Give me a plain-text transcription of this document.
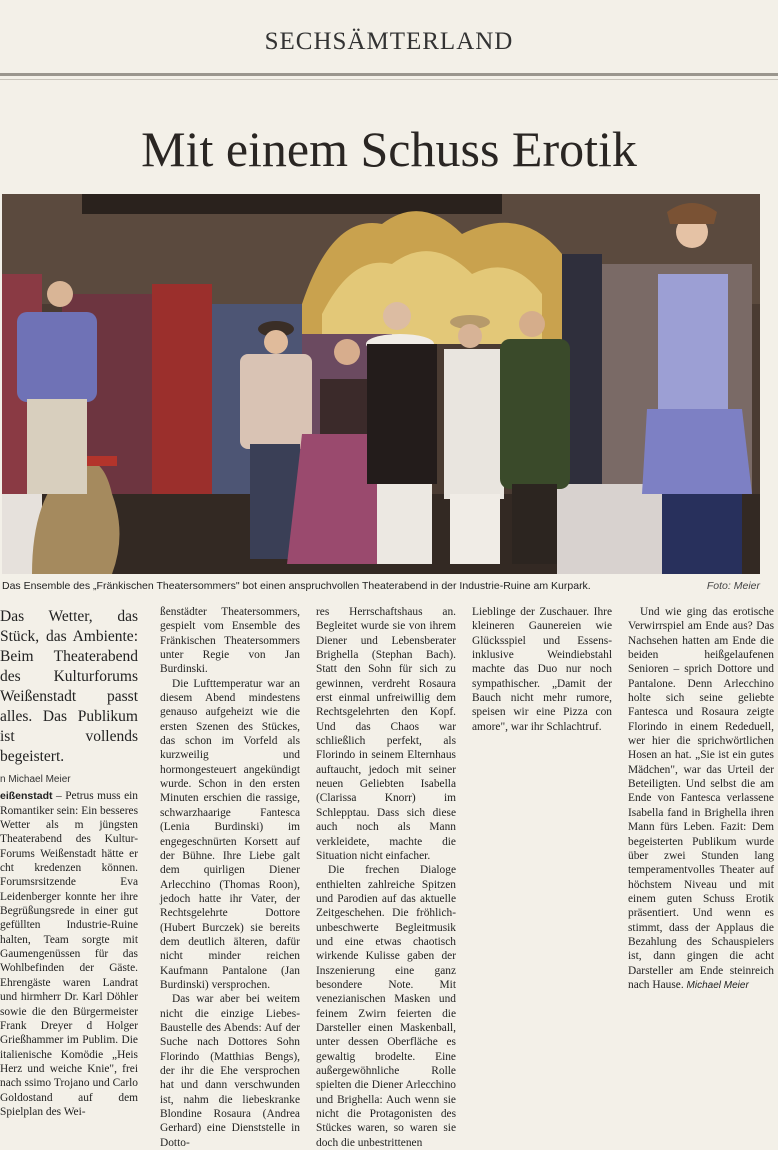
SECHSÄMTERLAND
Mit einem Schuss Erotik
Das Ensemble des „Fränkischen Theatersommers" bot einen anspruchvollen Theaterabend in der Industrie-Ruine am Kurpark.	Foto: Meier
Das Wetter, das Stück, das Ambiente: Beim Theaterabend des Kulturforums Weißenstadt passt alles. Das Publikum ist vollends begeistert.
n Michael Meier

eißenstadt – Petrus muss ein Romantiker sein: Ein besseres Wetter als m jüngsten Theaterabend des Kultur-Forums Weißenstadt hätte er cht kredenzen können. Forumsrsitzende Eva Leidenberger konnte her ihre Begrüßungsrede in einer gut gefüllten Industrie-Ruine halten, Team sorgte mit Gaumengenüssen für das Wohlbefinden der Gäste. Ehrengäste waren Landrat und hirmherr Dr. Karl Döhler sowie die den Bürgermeister Frank Dreyer d Holger Grießhammer im Publim. Die italienische Komödie „Heis Herz und weiche Knie", frei nach ssimo Trojano und Carlo Goldostand auf dem Spielplan des Wei-

ßenstädter Theatersommers, gespielt vom Ensemble des Fränkischen Theatersommers unter Regie von Jan Burdinski.

Die Lufttemperatur war an diesem Abend mindestens genauso aufgeheizt wie die ersten Szenen des Stückes, das schon im Vorfeld als kurzweilig und hormongesteuert angekündigt wurde. Schon in den ersten Minuten erschien die rassige, schwarzhaarige Fantesca (Lenia Burdinski) im engegeschnürten Korsett auf der Bühne. Ihre Liebe galt dem quirligen Diener Arlecchino (Thomas Roon), jedoch hatte ihr Vater, der Rechtsgelehrte Dottore (Hubert Burczek) sie bereits dem deutlich älteren, dafür nicht minder reichen Kaufmann Pantalone (Jan Burdinski) versprochen.

Das war aber bei weitem nicht die einzige Liebes-Baustelle des Abends: Auf der Suche nach Dottores Sohn Florindo (Matthias Bengs), der ihr die Ehe versprochen hat und dann verschwunden ist, nahm die liebeskranke Blondine Rosaura (Andrea Gerhard) eine Dienststelle in Dotto-

res Herrschaftshaus an. Begleitet wurde sie von ihrem Diener und Lebensberater Brighella (Stephan Bach). Statt den Sohn für sich zu gewinnen, verdreht Rosaura erst einmal unfreiwillig dem Rechtsgelehrten den Kopf. Und das Chaos war schließlich perfekt, als Florindo in seinem Elternhaus auftaucht, jedoch mit seiner neuen Geliebten Isabella (Clarissa Knorr) im Schlepptau. Dass sich diese auch noch als Mann verkleidete, machte die Situation nicht einfacher.

Die frechen Dialoge enthielten zahlreiche Spitzen und Parodien auf das aktuelle Zeitgeschehen. Die fröhlich-unbeschwerte Begleitmusik und eine etwas chaotisch wirkende Kulisse gaben der Inszenierung eine ganz besondere Note. Mit venezianischen Masken und feinem Zwirn feierten die Darsteller einen Maskenball, unter dessen Oberfläche es gewaltig brodelte. Eine außergewöhnliche Rolle spielten die Diener Arlecchino und Brighella: Auch wenn sie nicht die Protagonisten des Stückes waren, so waren sie doch die unbestrittenen

Lieblinge der Zuschauer. Ihre kleineren Gaunereien wie Glücksspiel und Essens- inklusive Weindiebstahl machte das Duo nur noch sympathischer. „Damit der Bauch nicht mehr rumore, speisen wir eine Pizza con amore", war ihr Schlachtruf.

Und wie ging das erotische Verwirrspiel am Ende aus? Das Nachsehen hatten am Ende die beiden heißgelaufenen Senioren – sprich Dottore und Pantalone. Denn Arlecchino holte sich seine geliebte Fantesca und Rosaura zeigte Florindo in einem Rededuell, wer hier die sprichwörtlichen Hosen an hat. „Sie ist ein gutes Mädchen", war das Urteil der Beteiligten. Und selbst die am Ende von Fantesca verlassene Isabella fand in Brighella ihren Mann fürs Leben. Fazit: Dem begeisterten Publikum wurde über zwei Stunden lang temperamentvolles Theater auf höchstem Niveau und mit einem guten Schuss Erotik präsentiert. Und wenn es stimmt, dass der Applaus die Bezahlung des Schauspielers ist, dann gingen die acht Darsteller am Ende steinreich nach Hause. Michael Meier
